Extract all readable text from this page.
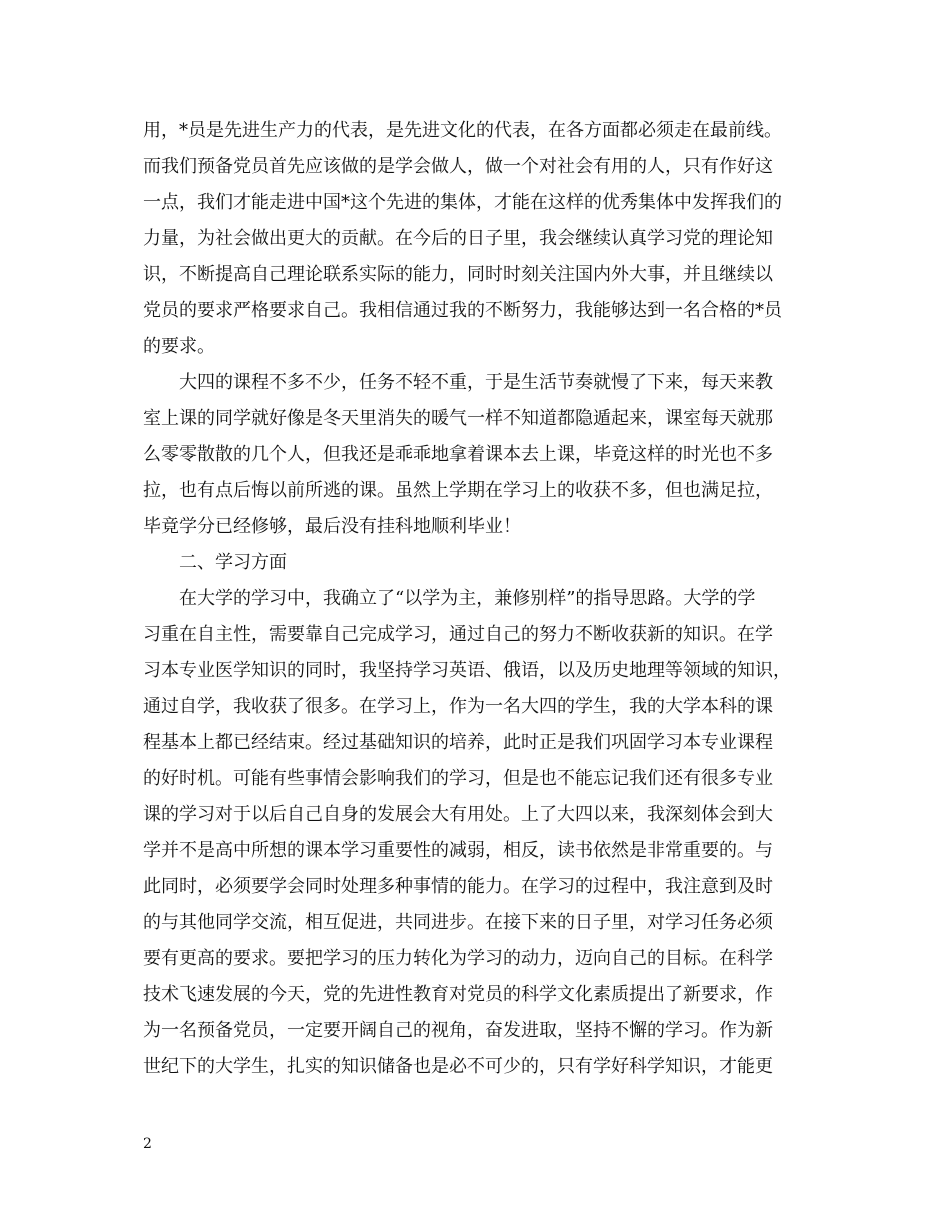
用，*员是先进生产力的代表，是先进文化的代表，在各方面都必须走在最前线。
而我们预备党员首先应该做的是学会做人，做一个对社会有用的人，只有作好这
一点，我们才能走进中国*这个先进的集体，才能在这样的优秀集体中发挥我们的
力量，为社会做出更大的贡献。在今后的日子里，我会继续认真学习党的理论知
识，不断提高自己理论联系实际的能力，同时时刻关注国内外大事，并且继续以
党员的要求严格要求自己。我相信通过我的不断努力，我能够达到一名合格的*员
的要求。
大四的课程不多不少，任务不轻不重，于是生活节奏就慢了下来，每天来教
室上课的同学就好像是冬天里消失的暖气一样不知道都隐遁起来，课室每天就那
么零零散散的几个人，但我还是乖乖地拿着课本去上课，毕竟这样的时光也不多
拉，也有点后悔以前所逃的课。虽然上学期在学习上的收获不多，但也满足拉，
毕竟学分已经修够，最后没有挂科地顺利毕业！
二、学习方面
在大学的学习中，我确立了“以学为主，兼修别样”的指导思路。大学的学
习重在自主性，需要靠自己完成学习，通过自己的努力不断收获新的知识。在学
习本专业医学知识的同时，我坚持学习英语、俄语，以及历史地理等领域的知识，
通过自学，我收获了很多。在学习上，作为一名大四的学生，我的大学本科的课
程基本上都已经结束。经过基础知识的培养，此时正是我们巩固学习本专业课程
的好时机。可能有些事情会影响我们的学习，但是也不能忘记我们还有很多专业
课的学习对于以后自己自身的发展会大有用处。上了大四以来，我深刻体会到大
学并不是高中所想的课本学习重要性的减弱，相反，读书依然是非常重要的。与
此同时，必须要学会同时处理多种事情的能力。在学习的过程中，我注意到及时
的与其他同学交流，相互促进，共同进步。在接下来的日子里，对学习任务必须
要有更高的要求。要把学习的压力转化为学习的动力，迈向自己的目标。在科学
技术飞速发展的今天，党的先进性教育对党员的科学文化素质提出了新要求，作
为一名预备党员，一定要开阔自己的视角，奋发进取，坚持不懈的学习。作为新
世纪下的大学生，扎实的知识储备也是必不可少的，只有学好科学知识，才能更
2
